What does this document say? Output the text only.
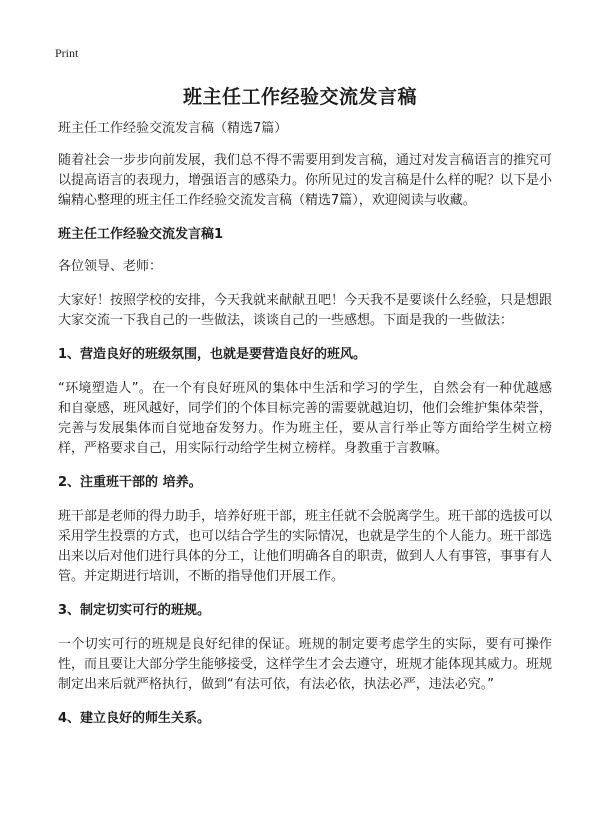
Print
班主任工作经验交流发言稿

班主任工作经验交流发言稿（精选7篇）

随着社会一步步向前发展，我们总不得不需要用到发言稿，通过对发言稿语言的推究可以提高语言的表现力，增强语言的感染力。你所见过的发言稿是什么样的呢？以下是小编精心整理的班主任工作经验交流发言稿（精选7篇），欢迎阅读与收藏。

班主任工作经验交流发言稿1

各位领导、老师：

大家好！按照学校的安排，今天我就来献献丑吧！今天我不是要谈什么经验，只是想跟大家交流一下我自己的一些做法，谈谈自己的一些感想。下面是我的一些做法：

1、营造良好的班级氛围，也就是要营造良好的班风。

“环境塑造人”。在一个有良好班风的集体中生活和学习的学生，自然会有一种优越感和自豪感，班风越好，同学们的个体目标完善的需要就越迫切，他们会维护集体荣誉，完善与发展集体而自觉地奋发努力。作为班主任，要从言行举止等方面给学生树立榜样，严格要求自己，用实际行动给学生树立榜样。身教重于言教嘛。

2、注重班干部的 培养。

班干部是老师的得力助手，培养好班干部，班主任就不会脱离学生。班干部的选拔可以采用学生投票的方式，也可以结合学生的实际情况，也就是学生的个人能力。班干部选出来以后对他们进行具体的分工，让他们明确各自的职责，做到人人有事管，事事有人管。并定期进行培训，不断的指导他们开展工作。

3、制定切实可行的班规。

一个切实可行的班规是良好纪律的保证。班规的制定要考虑学生的实际，要有可操作性，而且要让大部分学生能够接受，这样学生才会去遵守，班规才能体现其威力。班规制定出来后就严格执行，做到“有法可依，有法必依，执法必严，违法必究。”

4、建立良好的师生关系。
